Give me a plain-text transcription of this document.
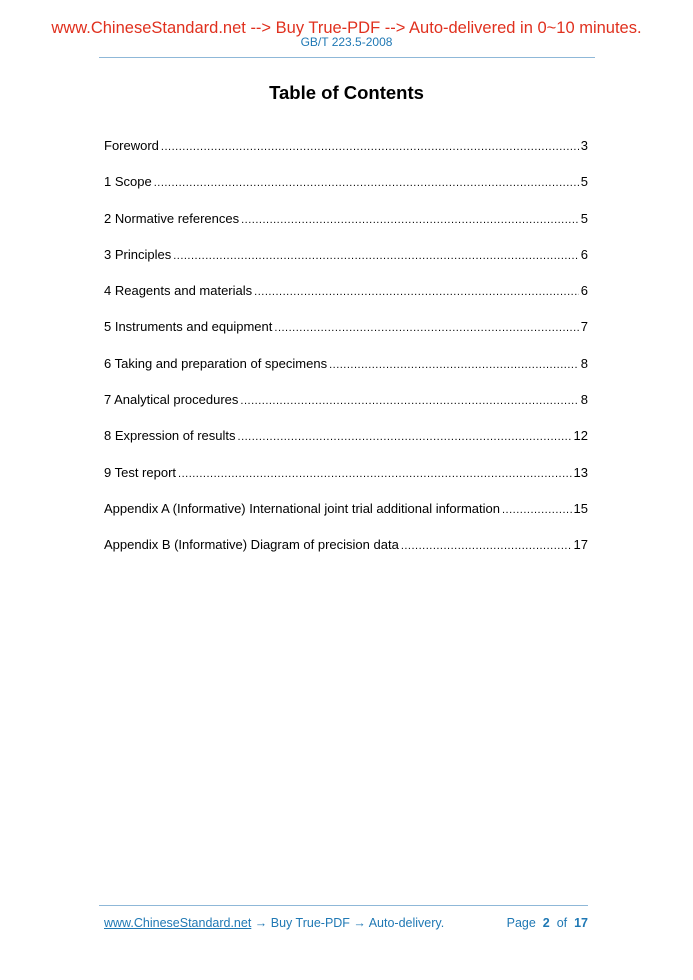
www.ChineseStandard.net --> Buy True-PDF --> Auto-delivered in 0~10 minutes.
GB/T 223.5-2008
Table of Contents
Foreword .....	3
1 Scope .....	5
2 Normative references .....	5
3 Principles .....	6
4 Reagents and materials .....	6
5 Instruments and equipment .....	7
6 Taking and preparation of specimens .....	8
7 Analytical procedures .....	8
8 Expression of results .....	12
9 Test report .....	13
Appendix A (Informative) International joint trial additional information .....	15
Appendix B (Informative) Diagram of precision data .....	17
www.ChineseStandard.net → Buy True-PDF → Auto-delivery.	Page 2 of 17
